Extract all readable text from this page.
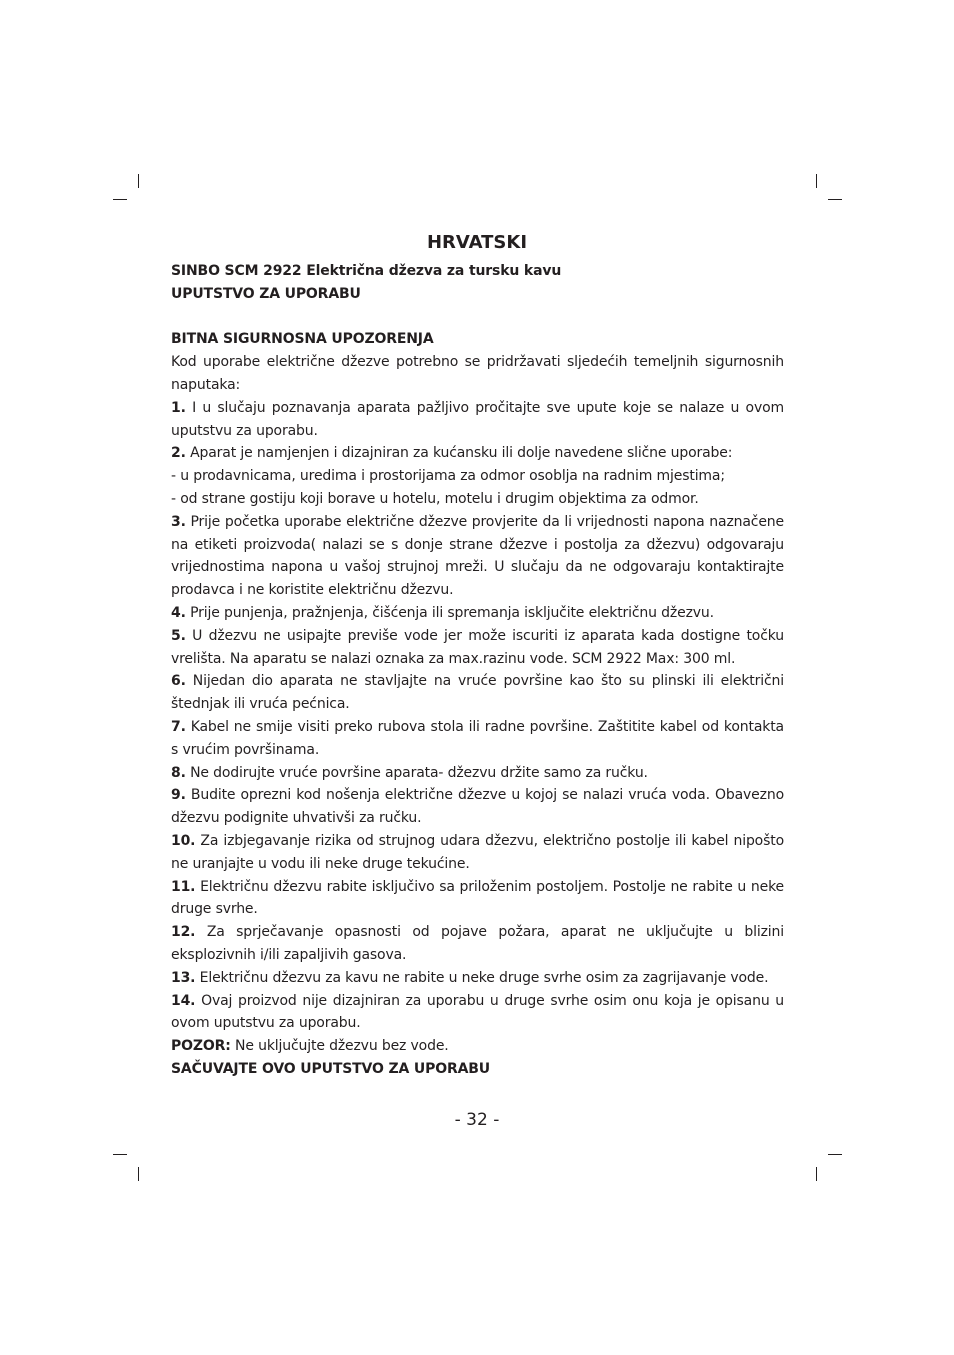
HRVATSKI

SINBO SCM 2922 Električna džezva za tursku kavu

UPUTSTVO ZA UPORABU

BITNA SIGURNOSNA UPOZORENJA

Kod uporabe električne džezve potrebno se pridržavati sljedećih temeljnih sigurnosnih naputaka:

1. I u slučaju poznavanja aparata pažljivo pročitajte sve upute koje se nalaze u ovom uputstvu za uporabu.

2. Aparat je namjenjen i dizajniran za kućansku ili dolje navedene slične uporabe:

- u prodavnicama, uredima i prostorijama za odmor osoblja na radnim mjestima;

- od strane gostiju koji borave u hotelu, motelu i drugim objektima za odmor.

3. Prije početka uporabe električne džezve provjerite da li vrijednosti napona naznačene na etiketi proizvoda( nalazi se s donje strane džezve i postolja za džezvu) odgovaraju vrijednostima napona u vašoj strujnoj mreži. U slučaju da ne odgovaraju kontaktirajte prodavca i ne koristite električnu džezvu.

4. Prije punjenja, pražnjenja, čišćenja ili spremanja isključite električnu džezvu.

5. U džezvu ne usipajte previše vode jer može iscuriti iz aparata kada dostigne točku vrelišta. Na aparatu se nalazi oznaka za max.razinu vode. SCM 2922 Max: 300 ml.

6. Nijedan dio aparata ne stavljajte na vruće površine kao što su plinski ili električni štednjak ili vruća pećnica.

7. Kabel ne smije visiti preko rubova stola ili radne površine. Zaštitite kabel od kontakta s vrućim površinama.

8. Ne dodirujte vruće površine aparata- džezvu držite samo za ručku.

9. Budite oprezni kod nošenja električne džezve u kojoj se nalazi vruća voda. Obavezno džezvu podignite uhvativši za ručku.

10. Za izbjegavanje rizika od strujnog udara džezvu, električno postolje ili kabel nipošto ne uranjajte u vodu ili neke druge tekućine.

11. Električnu džezvu rabite isključivo sa priloženim postoljem. Postolje ne rabite u neke druge svrhe.

12. Za sprječavanje opasnosti od pojave požara, aparat ne uključujte u blizini eksplozivnih i/ili zapaljivih gasova.

13. Električnu džezvu za kavu ne rabite u neke druge svrhe osim za zagrijavanje vode.

14. Ovaj proizvod nije dizajniran za uporabu u druge svrhe osim onu koja je opisanu u ovom uputstvu za uporabu.

POZOR: Ne uključujte džezvu bez vode.

SAČUVAJTE OVO UPUTSTVO ZA UPORABU

- 32 -
